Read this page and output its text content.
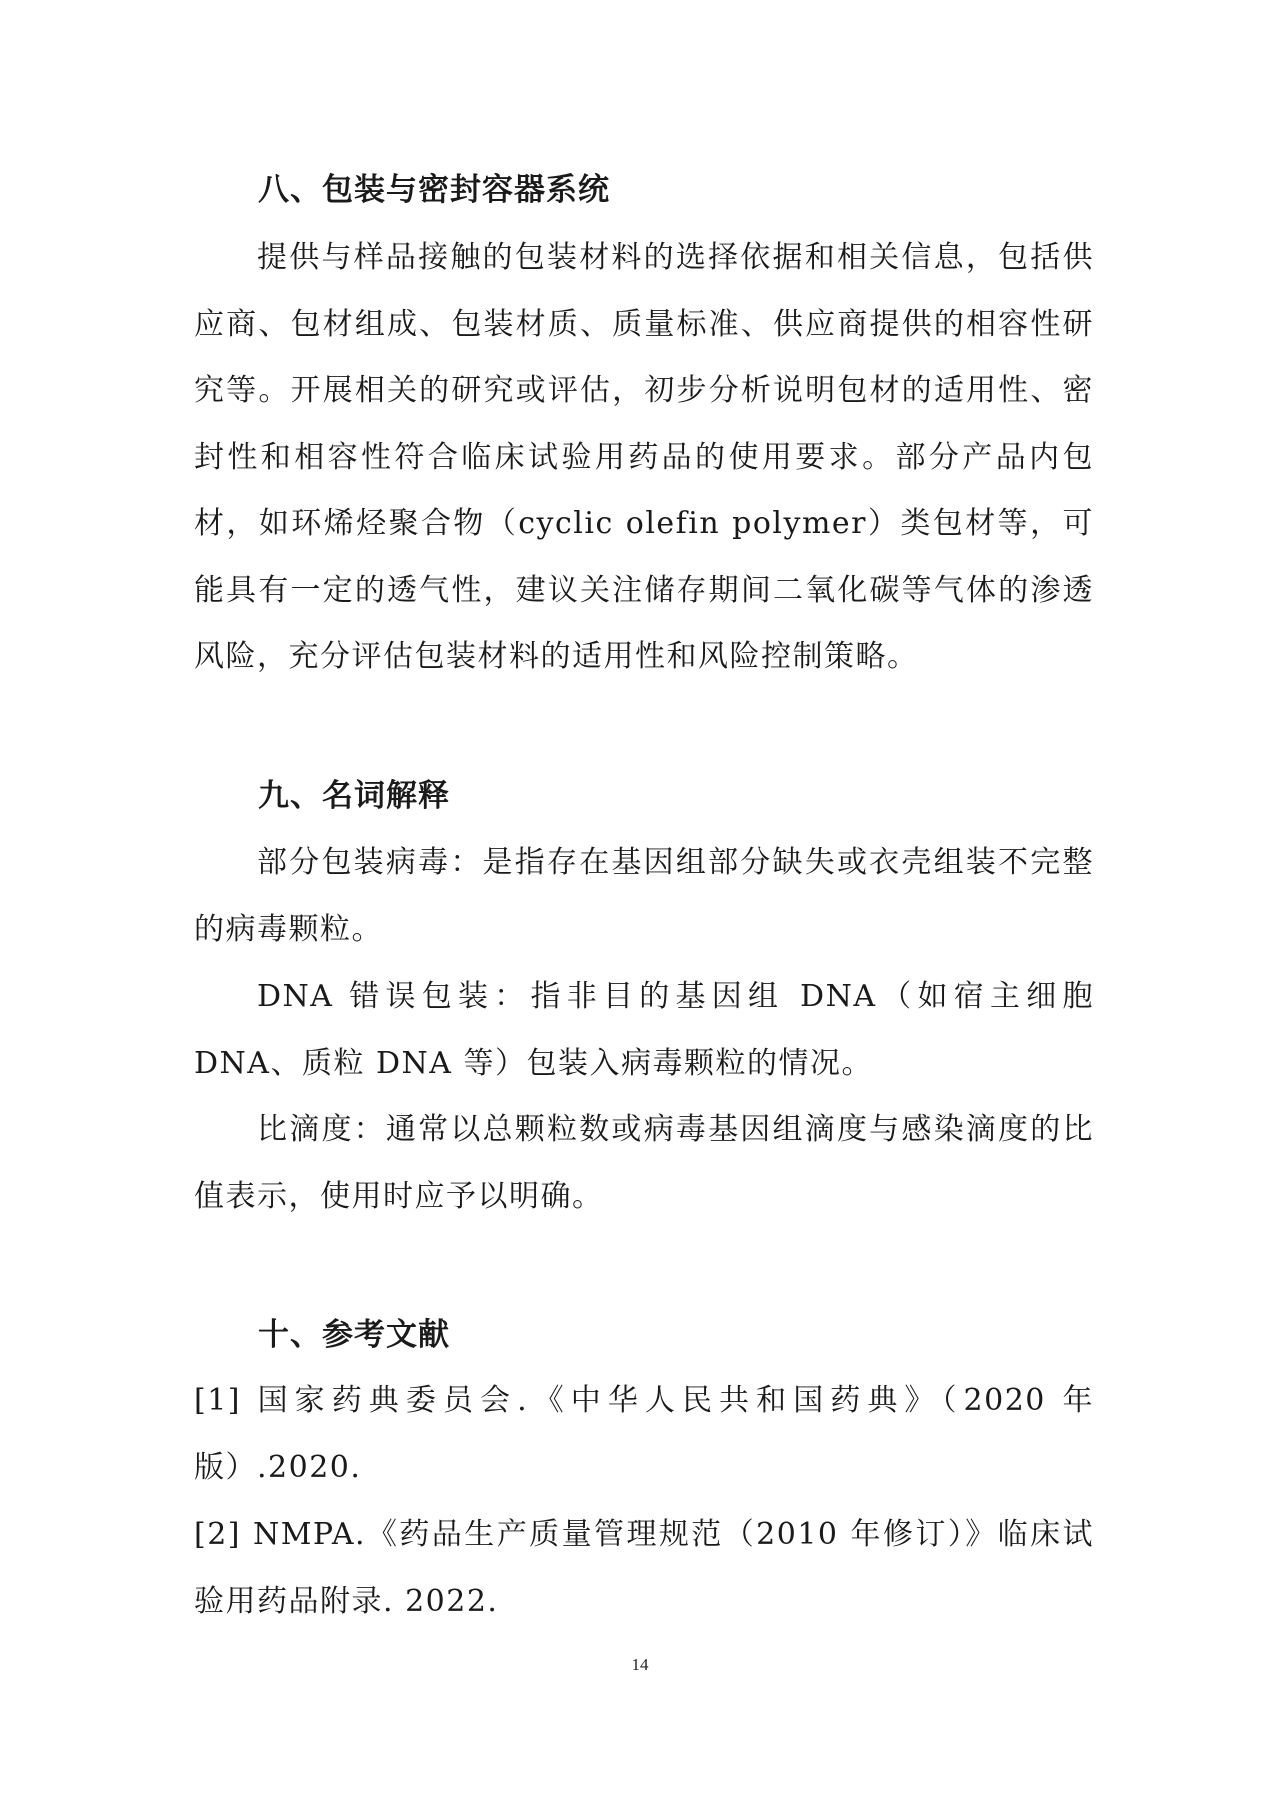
八、包装与密封容器系统
提供与样品接触的包装材料的选择依据和相关信息，包括供应商、包材组成、包装材质、质量标准、供应商提供的相容性研究等。开展相关的研究或评估，初步分析说明包材的适用性、密封性和相容性符合临床试验用药品的使用要求。部分产品内包材，如环烯烃聚合物（cyclic olefin polymer）类包材等，可能具有一定的透气性，建议关注储存期间二氧化碳等气体的渗透风险，充分评估包装材料的适用性和风险控制策略。
九、名词解释
部分包装病毒：是指存在基因组部分缺失或衣壳组装不完整的病毒颗粒。
DNA 错误包装：指非目的基因组 DNA（如宿主细胞 DNA、质粒 DNA 等）包装入病毒颗粒的情况。
比滴度：通常以总颗粒数或病毒基因组滴度与感染滴度的比值表示，使用时应予以明确。
十、参考文献
[1] 国家药典委员会.《中华人民共和国药典》（2020 年版）.2020.
[2] NMPA.《药品生产质量管理规范（2010 年修订）》临床试验用药品附录. 2022.
14
